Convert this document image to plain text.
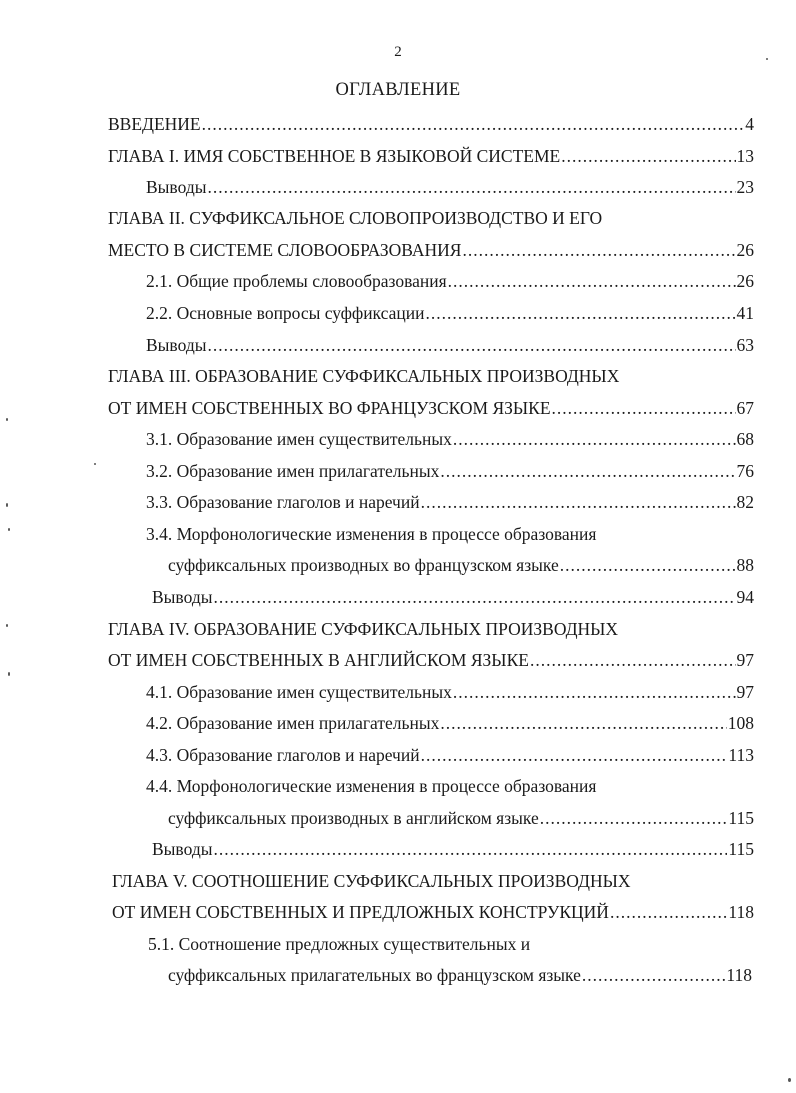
2
ОГЛАВЛЕНИЕ
ВВЕДЕНИЕ .....	4
ГЛАВА I. ИМЯ СОБСТВЕННОЕ В ЯЗЫКОВОЙ СИСТЕМЕ .....	13
Выводы .....	23
ГЛАВА II. СУФФИКСАЛЬНОЕ СЛОВОПРОИЗВОДСТВО И ЕГО
МЕСТО В СИСТЕМЕ СЛОВООБРАЗОВАНИЯ .....	26
2.1. Общие проблемы словообразования .....	26
2.2. Основные вопросы суффиксации .....	41
Выводы .....	63
ГЛАВА III. ОБРАЗОВАНИЕ СУФФИКСАЛЬНЫХ ПРОИЗВОДНЫХ
ОТ ИМЕН СОБСТВЕННЫХ ВО ФРАНЦУЗСКОМ ЯЗЫКЕ .....	67
3.1. Образование имен существительных .....	68
3.2. Образование имен прилагательных .....	76
3.3. Образование глаголов и наречий .....	82
3.4. Морфонологические изменения в процессе образования
суффиксальных производных во французском языке .....	88
Выводы .....	94
ГЛАВА IV. ОБРАЗОВАНИЕ СУФФИКСАЛЬНЫХ ПРОИЗВОДНЫХ
ОТ ИМЕН СОБСТВЕННЫХ В АНГЛИЙСКОМ ЯЗЫКЕ .....	97
4.1. Образование имен существительных .....	97
4.2. Образование имен прилагательных .....	108
4.3. Образование глаголов и наречий .....	113
4.4. Морфонологические изменения в процессе образования
суффиксальных производных в английском языке .....	115
Выводы .....	115
ГЛАВА V. СООТНОШЕНИЕ СУФФИКСАЛЬНЫХ ПРОИЗВОДНЫХ
ОТ ИМЕН СОБСТВЕННЫХ И ПРЕДЛОЖНЫХ КОНСТРУКЦИЙ .....	118
5.1. Соотношение предложных существительных и
суффиксальных прилагательных во французском языке .....	118
